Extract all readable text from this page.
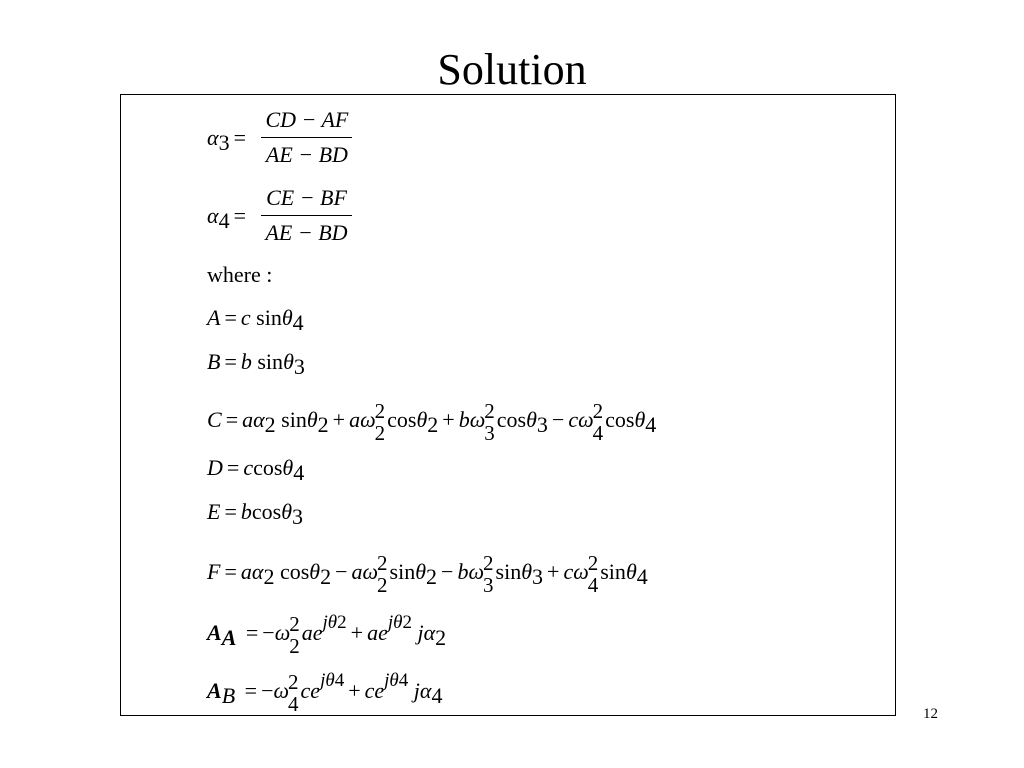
Solution
$\alpha 3 = \frac{CD - AF}{AE - BD}$
$\alpha 4 = \frac{CE - BF}{AE - BD}$
where :
A = c sinθ4
B = b sinθ3
C = aα2 sinθ2 + aω 2
2
cosθ2 + bω 2
3
cosθ3 − cω 2
4
cosθ4
D = ccosθ4
E = bcosθ3
F = aα2 cosθ2 − aω 2
2
sinθ2 − bω 2
3
sinθ3 + cω 2
4
sinθ4
AA = −ω 2
2
aejθ2 + aejθ2 jα2
AB = −ω 2
4
cejθ4 + cejθ4 jα4
12
